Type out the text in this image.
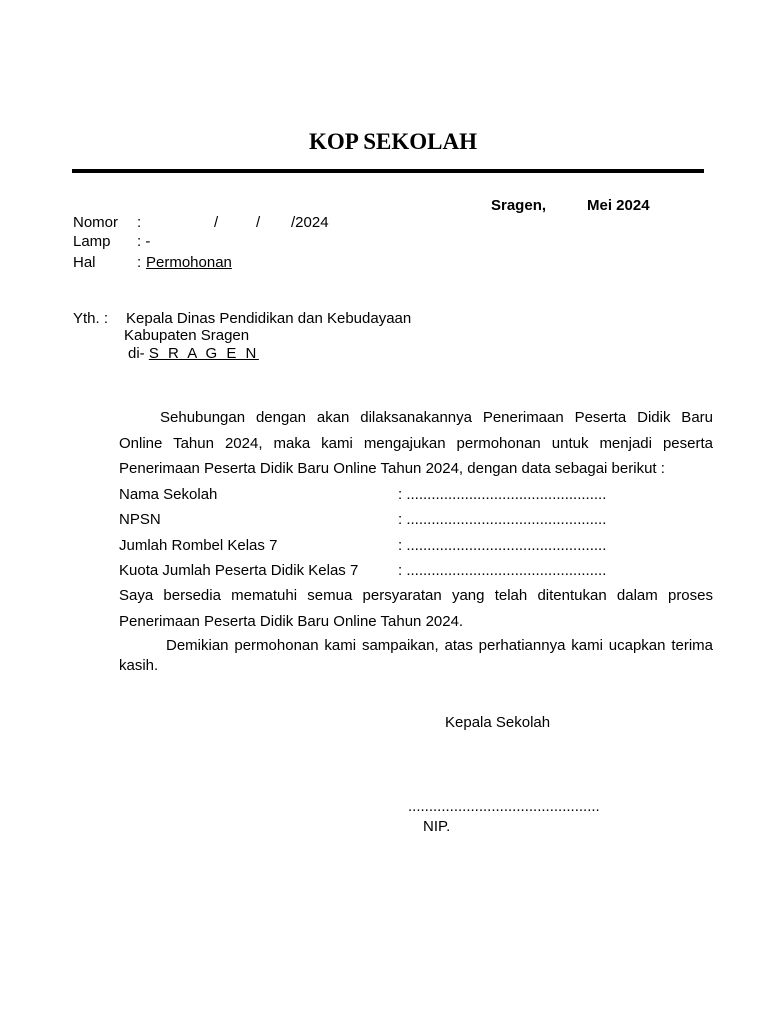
KOP SEKOLAH
Sragen,	Mei 2024
Nomor :	/	/ /2024
Lamp : -
Hal	: Permohonan
Yth. : Kepala Dinas Pendidikan dan Kebudayaan
Kabupaten Sragen
di- S R A G E N
Sehubungan dengan akan dilaksanakannya Penerimaan Peserta Didik Baru Online Tahun 2024, maka kami mengajukan permohonan untuk menjadi peserta Penerimaan Peserta Didik Baru Online Tahun 2024, dengan data sebagai berikut :
Nama Sekolah	: ................................................
NPSN	: ................................................
Jumlah Rombel Kelas 7	: ................................................
Kuota Jumlah Peserta Didik Kelas 7	: ................................................
Saya bersedia mematuhi semua persyaratan yang telah ditentukan dalam proses Penerimaan Peserta Didik Baru Online Tahun 2024.
Demikian permohonan kami sampaikan, atas perhatiannya kami ucapkan terima kasih.
Kepala Sekolah
..............................................
NIP.
